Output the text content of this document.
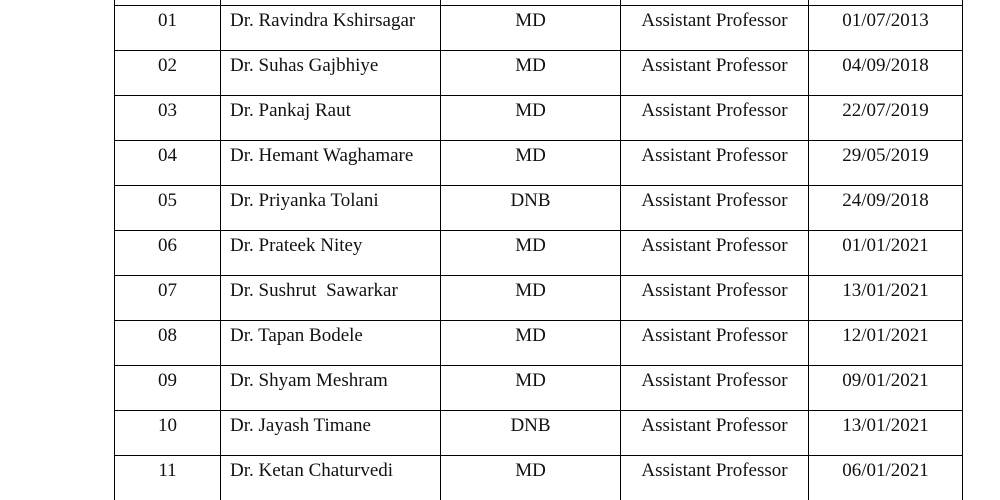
01	Dr. Ravindra Kshirsagar	MD	Assistant Professor	01/07/2013

02	Dr. Suhas Gajbhiye	MD	Assistant Professor	04/09/2018

03	Dr. Pankaj Raut	MD	Assistant Professor	22/07/2019

04	Dr. Hemant Waghamare	MD	Assistant Professor	29/05/2019

05	Dr. Priyanka Tolani	DNB	Assistant Professor	24/09/2018

06	Dr. Prateek Nitey	MD	Assistant Professor	01/01/2021

07	Dr. Sushrut  Sawarkar	MD	Assistant Professor	13/01/2021

08	Dr. Tapan Bodele	MD	Assistant Professor	12/01/2021

09	Dr. Shyam Meshram	MD	Assistant Professor	09/01/2021

10	Dr. Jayash Timane	DNB	Assistant Professor	13/01/2021

11	Dr. Ketan Chaturvedi	MD	Assistant Professor	06/01/2021
